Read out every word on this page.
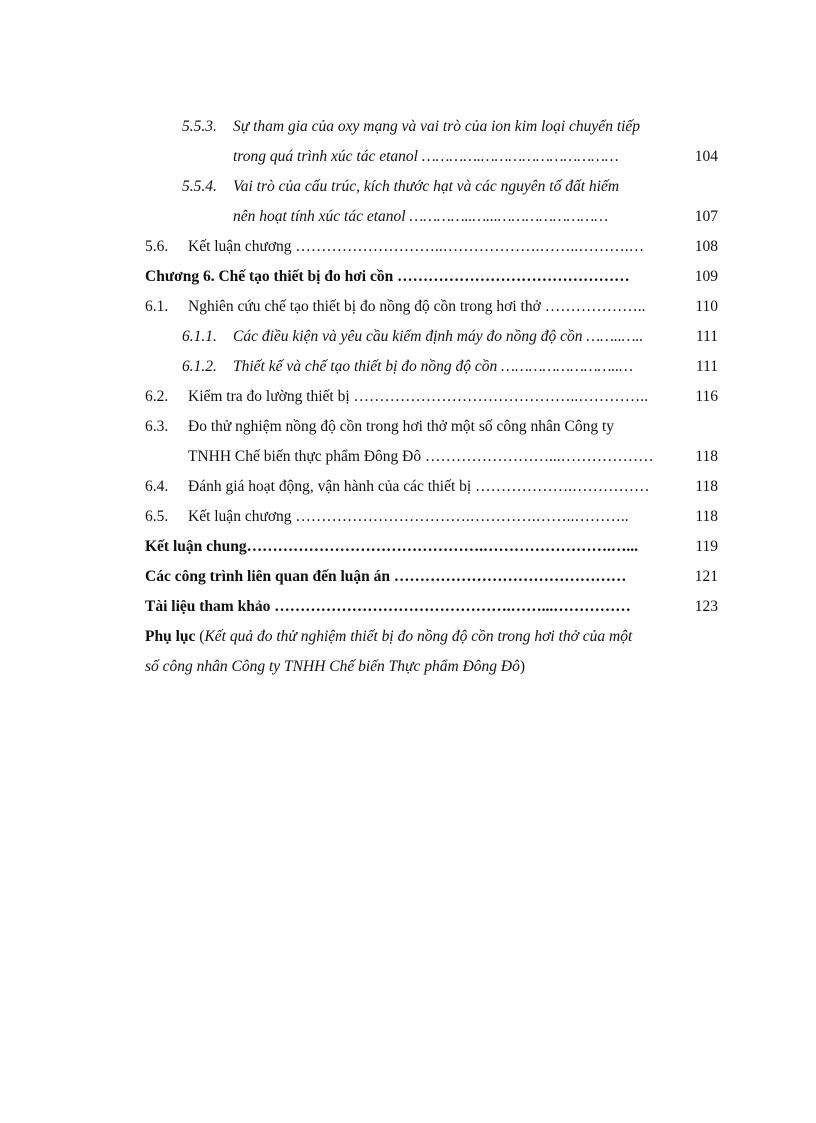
5.5.3. Sự tham gia của oxy mạng và vai trò của ion kim loại chuyển tiếp
trong quá trình xúc tác etanol ………….…………………………	104
5.5.4. Vai trò của cấu trúc, kích thước hạt và các nguyên tố đất hiếm
nên hoạt tính xúc tác etanol …………..…...……………………	107
5.6. Kết luận chương ………………………..……………….……..……….…	108
Chương 6. Chế tạo thiết bị đo hơi cồn ………………………………………	109
6.1. Nghiên cứu chế tạo thiết bị đo nồng độ cồn trong hơi thở ………………..	110
6.1.1. Các điều kiện và yêu cầu kiểm định máy đo nồng độ cồn ……..…..	111
6.1.2. Thiết kế và chế tạo thiết bị đo nồng độ cồn ……………………..…	111
6.2. Kiểm tra đo lường thiết bị ……………………………………..…………..	116
6.3. Đo thử nghiệm nồng độ cồn trong hơi thở một số công nhân Công ty
TNHH Chế biến thực phẩm Đông Đô ……………………...………………	118
6.4. Đánh giá hoạt động, vận hành của các thiết bị ……………….……………	118
6.5. Kết luận chương …………………………….………….……..………..	118
Kết luận chung……………………………………….…………………….…...	119
Các công trình liên quan đến luận án ………………………………………	121
Tài liệu tham khảo ……………………………………….……...……………	123
Phụ lục (Kết quả đo thử nghiệm thiết bị đo nồng độ cồn trong hơi thở của một
số công nhân Công ty TNHH Chế biến Thực phẩm Đông Đô)
